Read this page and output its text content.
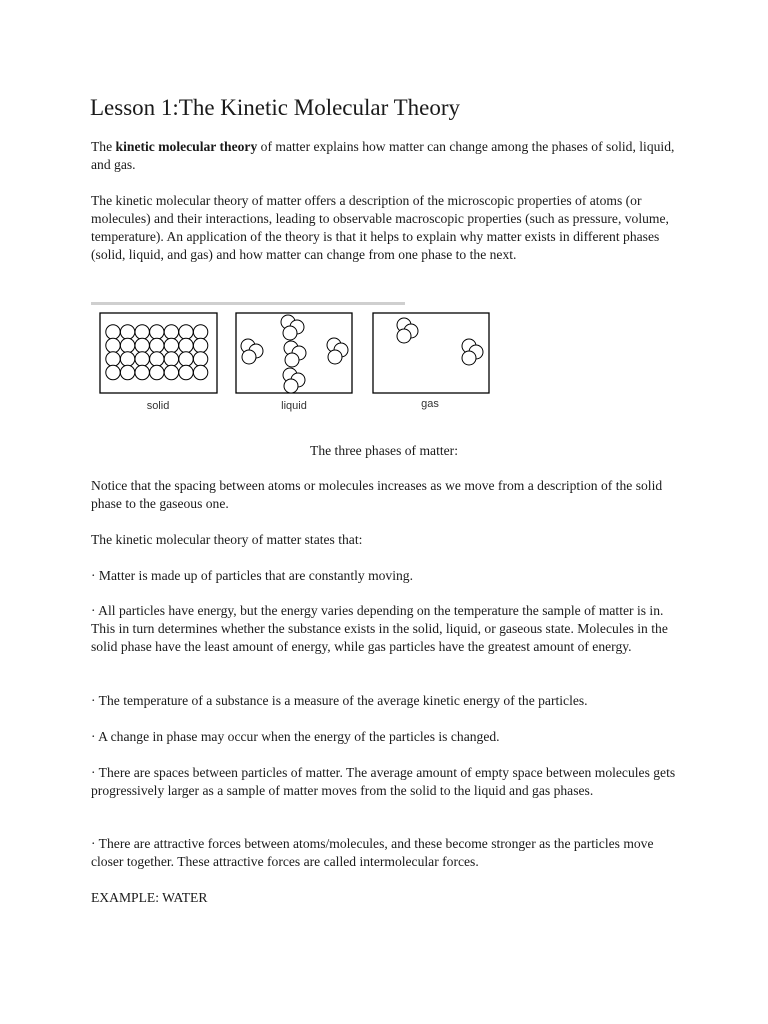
Lesson 1:The Kinetic Molecular Theory

The kinetic molecular theory of matter explains how matter can change among the phases of solid, liquid, and gas.

The kinetic molecular theory of matter offers a description of the microscopic properties of atoms (or molecules) and their interactions, leading to observable macroscopic properties (such as pressure, volume, temperature). An application of the theory is that it helps to explain why matter exists in different phases (solid, liquid, and gas) and how matter can change from one phase to the next.

solid	liquid	gas

The three phases of matter:

Notice that the spacing between atoms or molecules increases as we move from a description of the solid phase to the gaseous one.

The kinetic molecular theory of matter states that:

· Matter is made up of particles that are constantly moving.

· All particles have energy, but the energy varies depending on the temperature the sample of matter is in. This in turn determines whether the substance exists in the solid, liquid, or gaseous state. Molecules in the solid phase have the least amount of energy, while gas particles have the greatest amount of energy.

· The temperature of a substance is a measure of the average kinetic energy of the particles.

· A change in phase may occur when the energy of the particles is changed.

· There are spaces between particles of matter. The average amount of empty space between molecules gets progressively larger as a sample of matter moves from the solid to the liquid and gas phases.

· There are attractive forces between atoms/molecules, and these become stronger as the particles move closer together. These attractive forces are called intermolecular forces.

EXAMPLE: WATER
